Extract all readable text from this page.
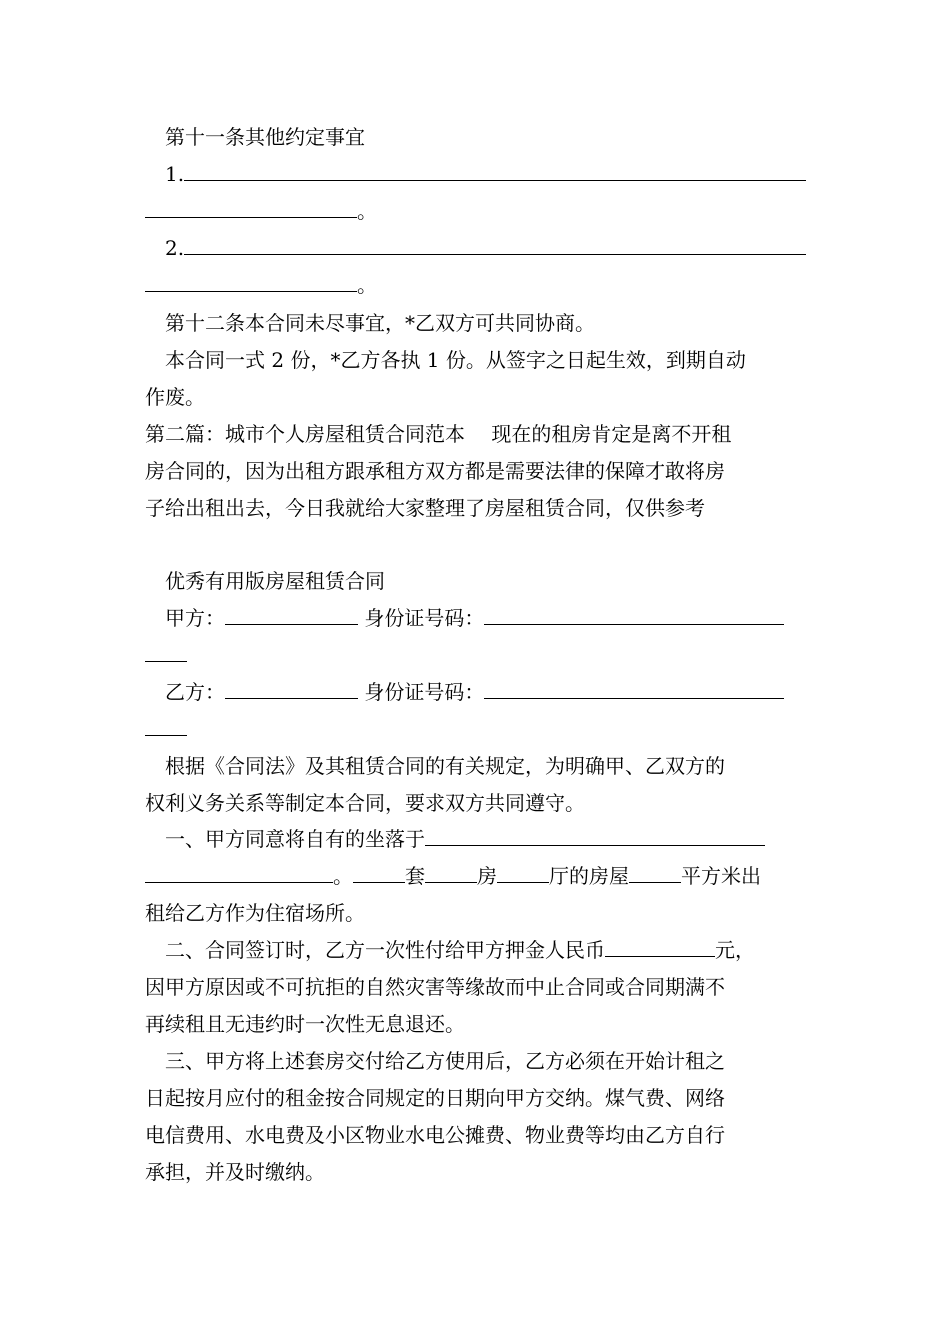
第十一条其他约定事宜
1.
。
2.
。
第十二条本合同未尽事宜，*乙双方可共同协商。
本合同一式 2 份，*乙方各执 1 份。从签字之日起生效，到期自动
作废。
第二篇：城市个人房屋租赁合同范本　 现在的租房肯定是离不开租
房合同的，因为出租方跟承租方双方都是需要法律的保障才敢将房
子给出租出去，今日我就给大家整理了房屋租赁合同，仅供参考
优秀有用版房屋租赁合同
甲方：	身份证号码：
乙方：	身份证号码：
根据《合同法》及其租赁合同的有关规定，为明确甲、乙双方的
权利义务关系等制定本合同，要求双方共同遵守。
一、甲方同意将自有的坐落于
。	套	房	厅的房屋	平方米出
租给乙方作为住宿场所。
二、合同签订时，乙方一次性付给甲方押金人民币	元，
因甲方原因或不可抗拒的自然灾害等缘故而中止合同或合同期满不
再续租且无违约时一次性无息退还。
三、甲方将上述套房交付给乙方使用后，乙方必须在开始计租之
日起按月应付的租金按合同规定的日期向甲方交纳。煤气费、网络
电信费用、水电费及小区物业水电公摊费、物业费等均由乙方自行
承担，并及时缴纳。
